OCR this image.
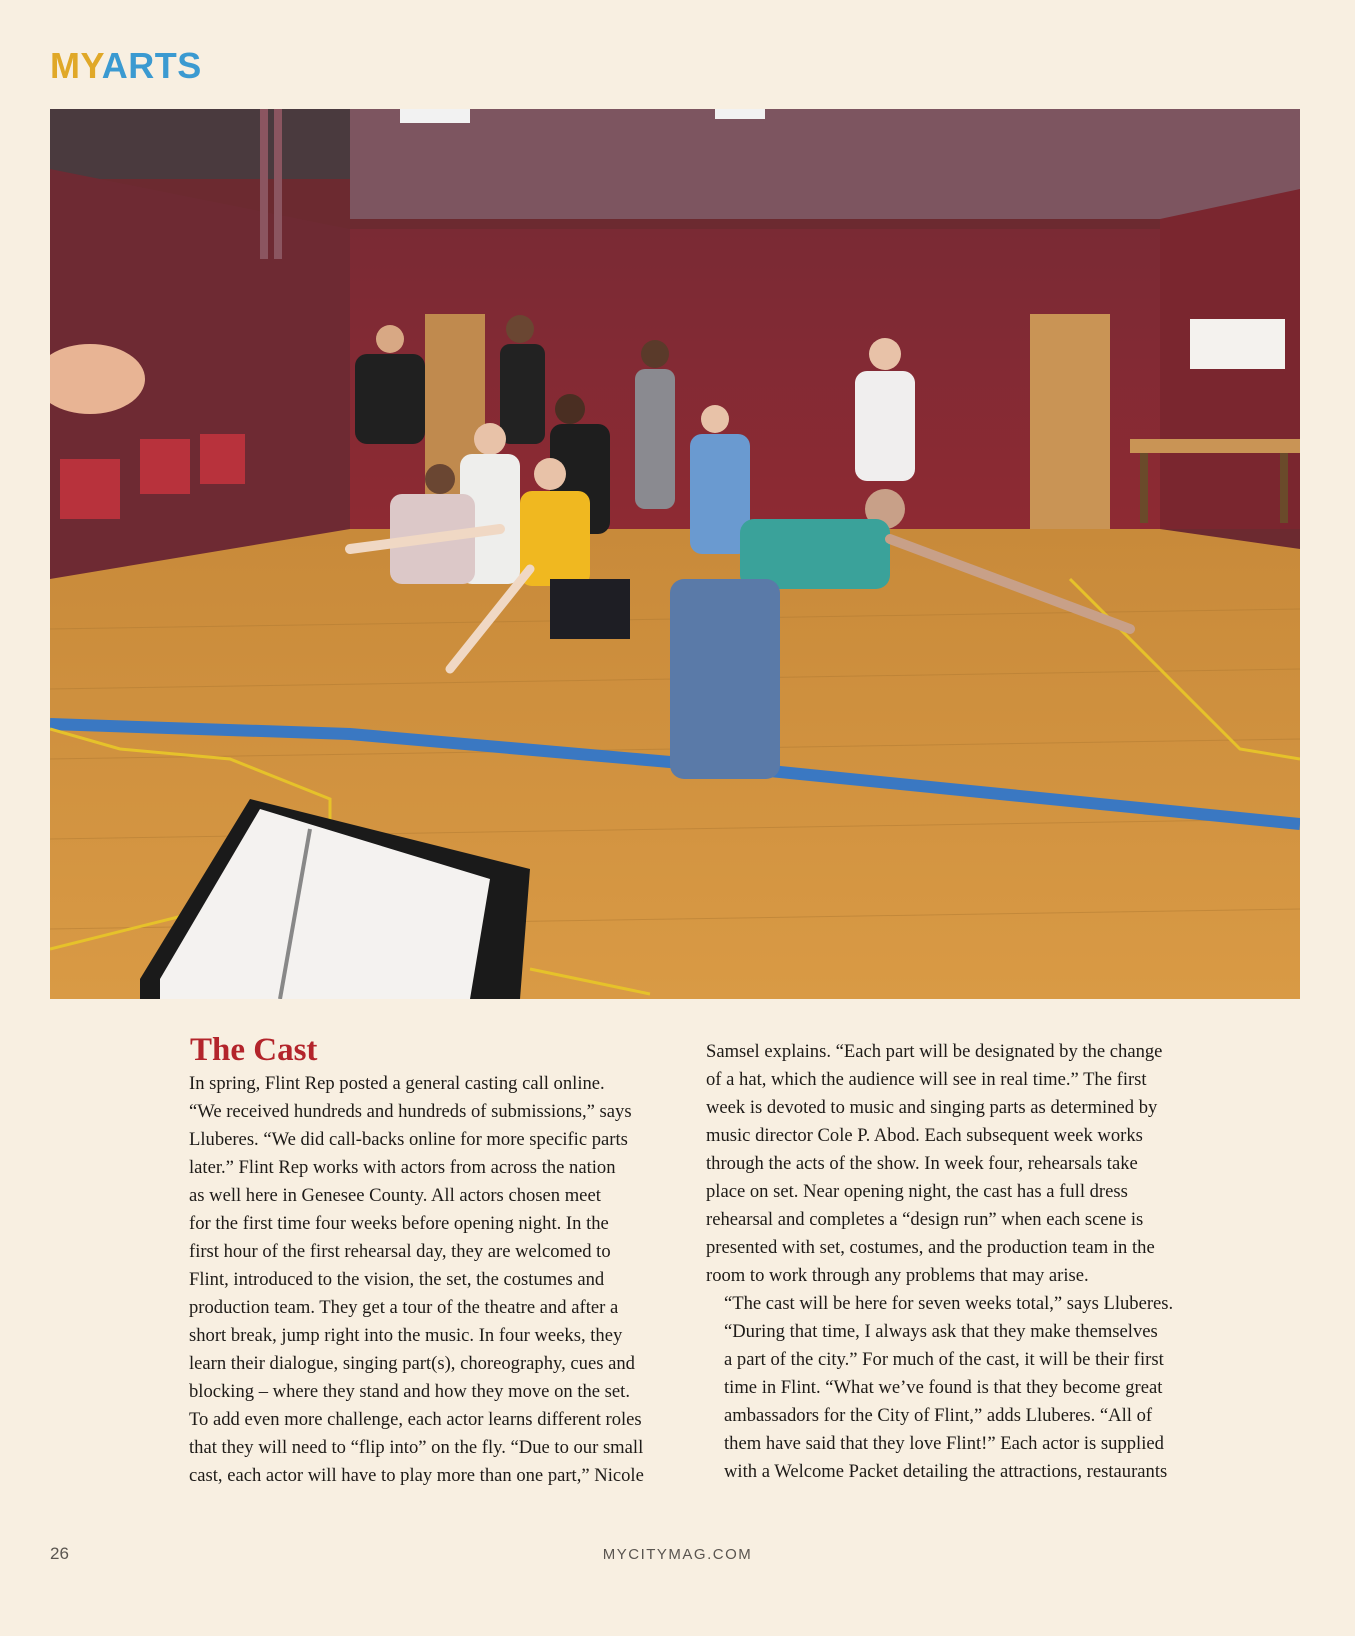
MYARTS
The Cast

In spring, Flint Rep posted a general casting call online.
“We received hundreds and hundreds of submissions,” says
Lluberes. “We did call-backs online for more specific parts
later.” Flint Rep works with actors from across the nation
as well here in Genesee County. All actors chosen meet
for the first time four weeks before opening night. In the
first hour of the first rehearsal day, they are welcomed to
Flint, introduced to the vision, the set, the costumes and
production team. They get a tour of the theatre and after a
short break, jump right into the music. In four weeks, they
learn their dialogue, singing part(s), choreography, cues and
blocking – where they stand and how they move on the set.
To add even more challenge, each actor learns different roles
that they will need to “flip into” on the fly. “Due to our small
cast, each actor will have to play more than one part,” Nicole

Samsel explains. “Each part will be designated by the change
of a hat, which the audience will see in real time.” The first
week is devoted to music and singing parts as determined by
music director Cole P. Abod. Each subsequent week works
through the acts of the show. In week four, rehearsals take
place on set. Near opening night, the cast has a full dress
rehearsal and completes a “design run” when each scene is
presented with set, costumes, and the production team in the
room to work through any problems that may arise.

“The cast will be here for seven weeks total,” says Lluberes.
“During that time, I always ask that they make themselves
a part of the city.” For much of the cast, it will be their first
time in Flint. “What we’ve found is that they become great
ambassadors for the City of Flint,” adds Lluberes. “All of
them have said that they love Flint!” Each actor is supplied
with a Welcome Packet detailing the attractions, restaurants

26	MYCITYMAG.COM
